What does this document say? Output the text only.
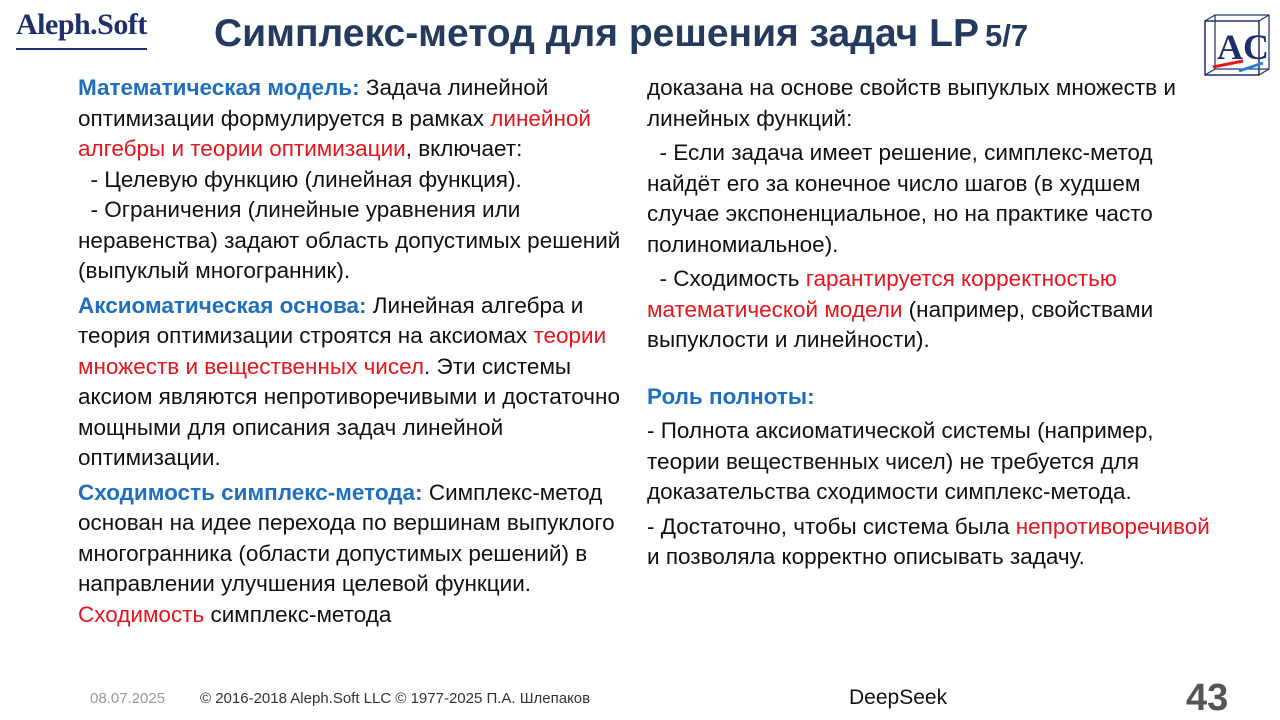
Aleph.Soft Симплекс-метод для решения задач LP 5/7	AC

Математическая модель: Задача линейной оптимизации формулируется в рамках линейной алгебры и теории оптимизации, включает:

- Целевую функцию (линейная функция).

- Ограничения (линейные уравнения или неравенства) задают область допустимых решений (выпуклый многогранник).

Аксиоматическая основа: Линейная алгебра и теория оптимизации строятся на аксиомах теории множеств и вещественных чисел. Эти системы аксиом являются непротиворечивыми и достаточно мощными для описания задач линейной оптимизации.

Сходимость симплекс-метода: Симплекс-метод основан на идее перехода по вершинам выпуклого многогранника (области допустимых решений) в направлении улучшения целевой функции. Сходимость симплекс-метода

доказана на основе свойств выпуклых множеств и линейных функций:

- Если задача имеет решение, симплекс-метод найдёт его за конечное число шагов (в худшем случае экспоненциальное, но на практике часто полиномиальное).

- Сходимость гарантируется корректностью математической модели (например, свойствами выпуклости и линейности).

Роль полноты:

- Полнота аксиоматической системы (например, теории вещественных чисел) не требуется для доказательства сходимости симплекс-метода.

- Достаточно, чтобы система была непротиворечивой и позволяла корректно описывать задачу.

08.07.2025 © 2016-2018 Aleph.Soft LLC © 1977-2025 П.А. Шлепаков	DeepSeek	43
